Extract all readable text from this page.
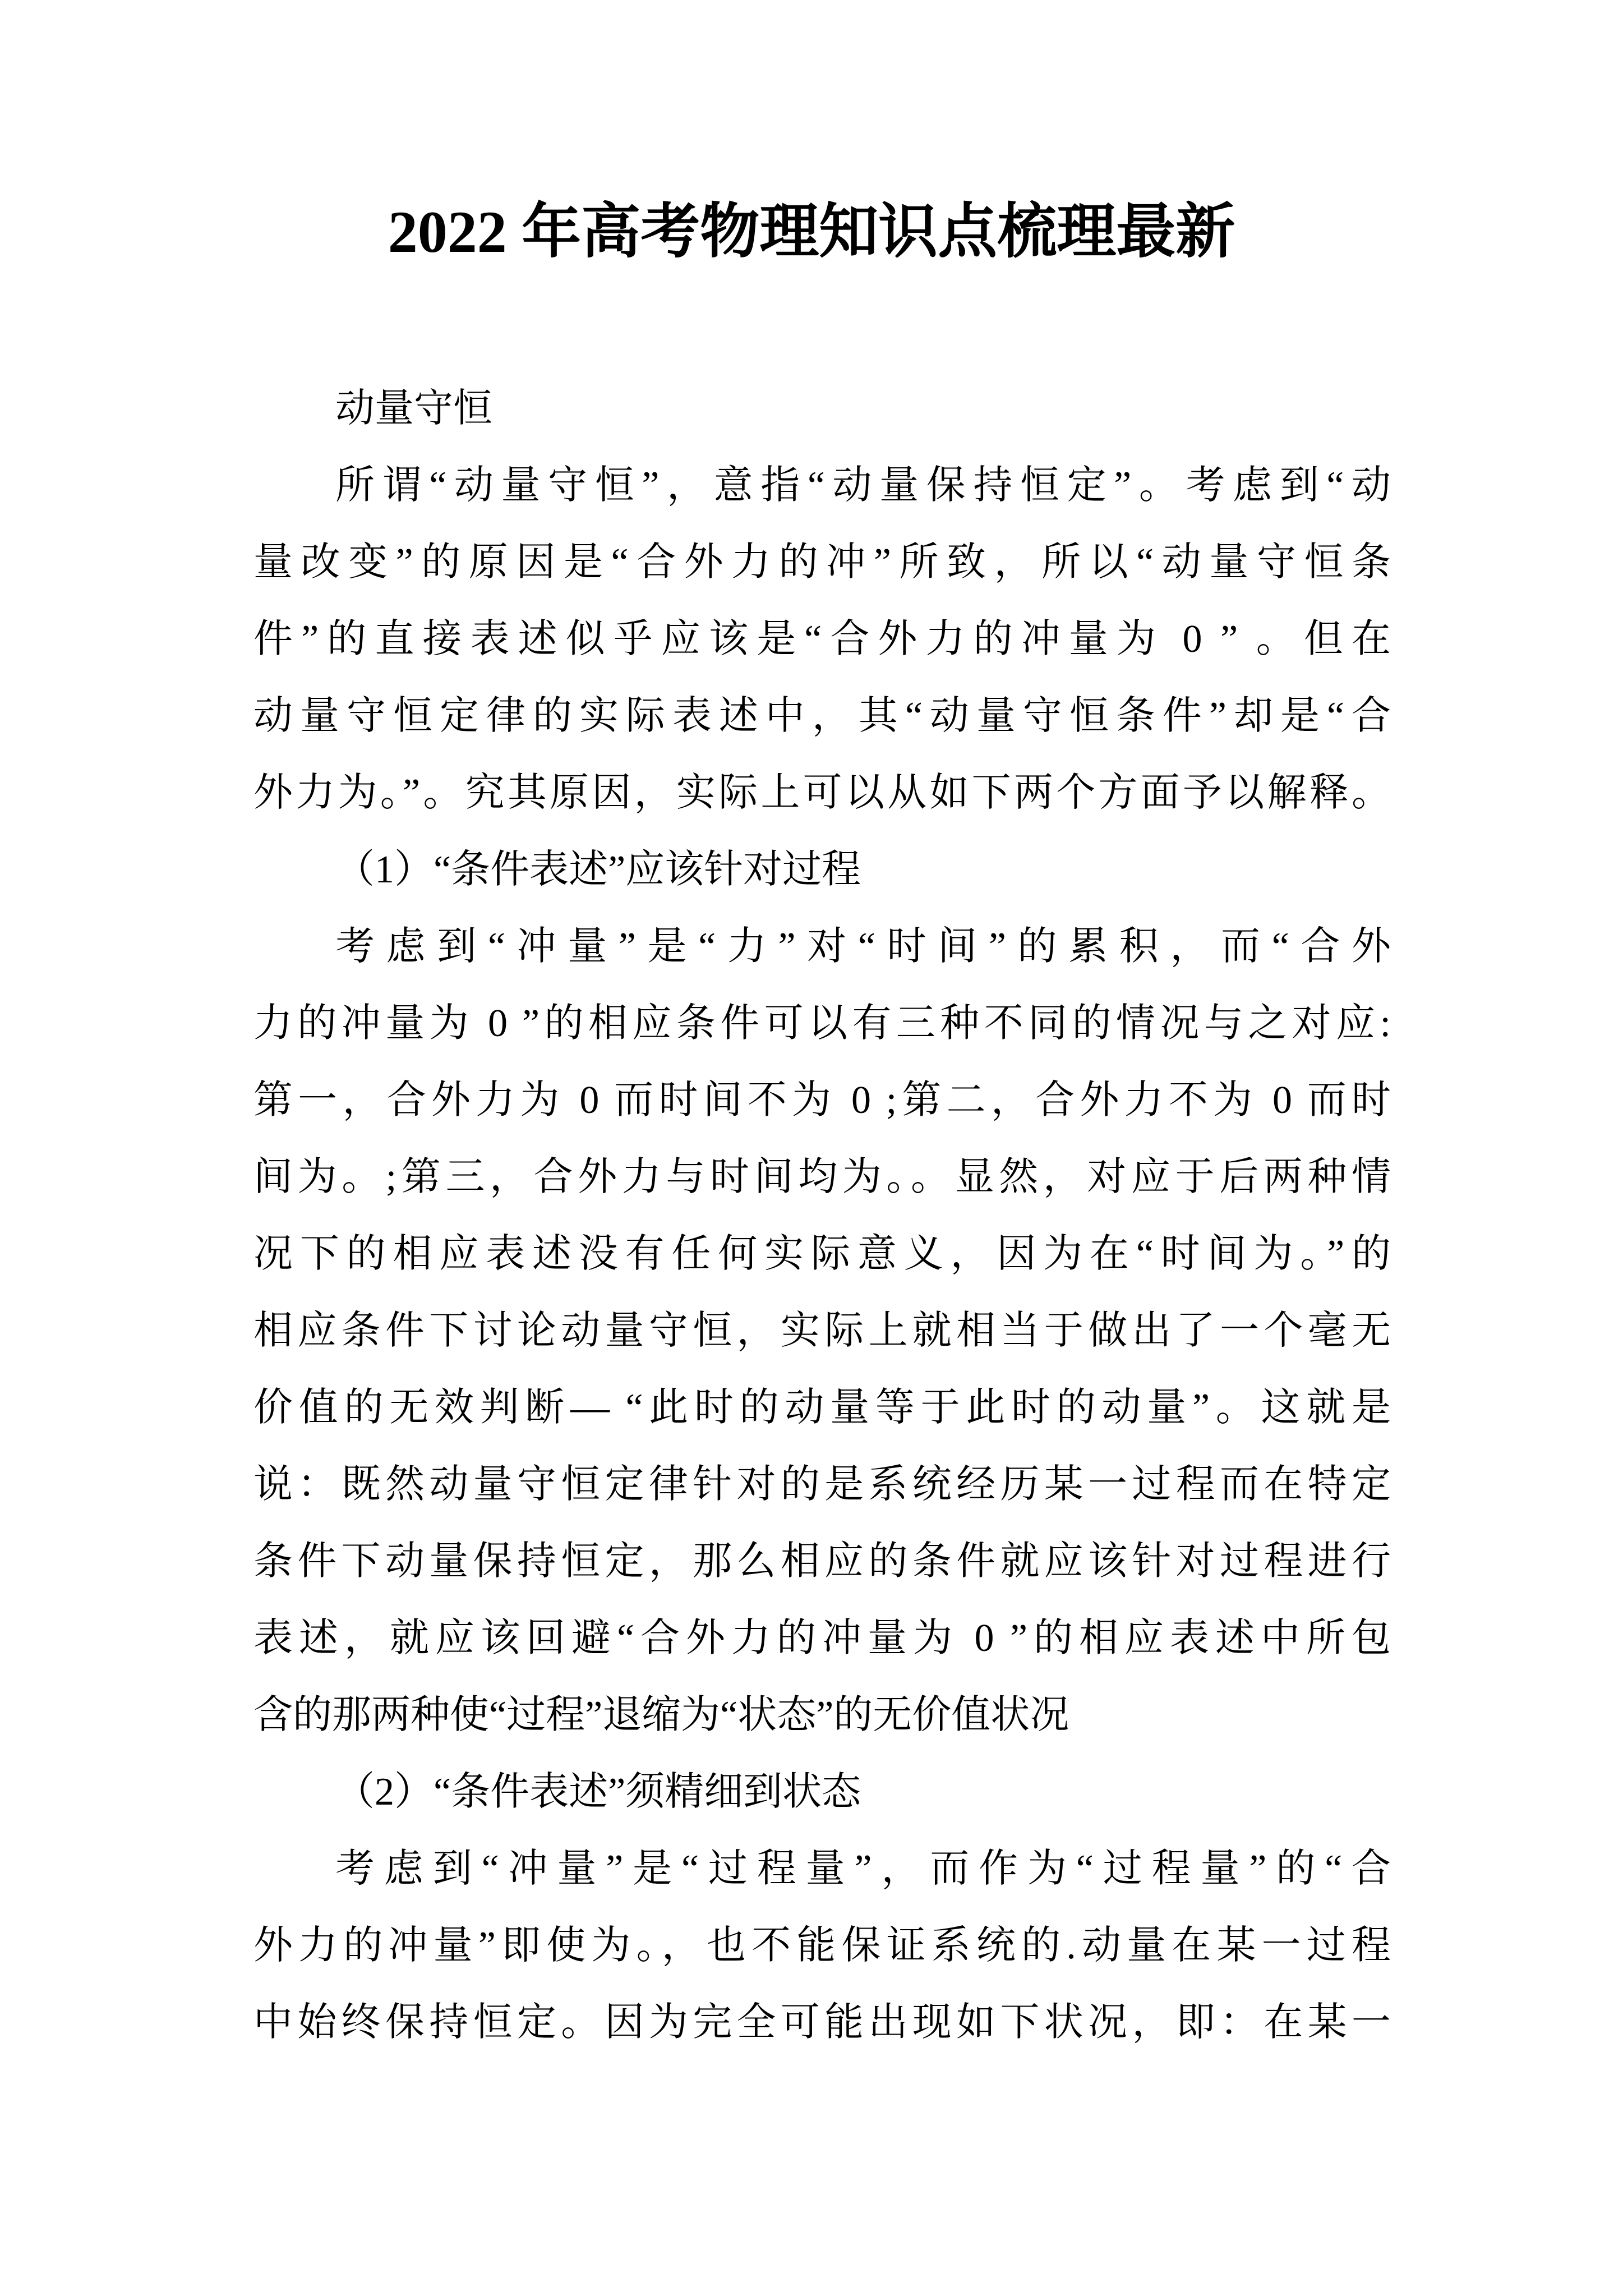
2022 年高考物理知识点梳理最新
动量守恒
所谓“动量守恒”，意指“动量保持恒定”。考虑到“动
量改变”的原因是“合外力的冲”所致，所以“动量守恒条
件”的直接表述似乎应该是“合外力的冲量为 0 ” 。但在
动量守恒定律的实际表述中，其“动量守恒条件”却是“合
外力为。”。究其原因，实际上可以从如下两个方面予以解释。
（1）“条件表述”应该针对过程
考虑到“冲量”是“力”对“时间”的累积，而“合外
力的冲量为 0 ”的相应条件可以有三种不同的情况与之对应:
第一，合外力为 0 而时间不为 0 ;第二，合外力不为 0 而时
间为。;第三，合外力与时间均为。。显然，对应于后两种情
况下的相应表述没有任何实际意义，因为在“时间为。”的
相应条件下讨论动量守恒，实际上就相当于做出了一个毫无
价值的无效判断— “此时的动量等于此时的动量”。这就是
说：既然动量守恒定律针对的是系统经历某一过程而在特定
条件下动量保持恒定，那么相应的条件就应该针对过程进行
表述，就应该回避“合外力的冲量为 0 ”的相应表述中所包
含的那两种使“过程”退缩为“状态”的无价值状况
（2）“条件表述”须精细到状态
考虑到“冲量”是“过程量”，而作为“过程量”的“合
外力的冲量”即使为。，也不能保证系统的.动量在某一过程
中始终保持恒定。因为完全可能出现如下状况，即：在某一
